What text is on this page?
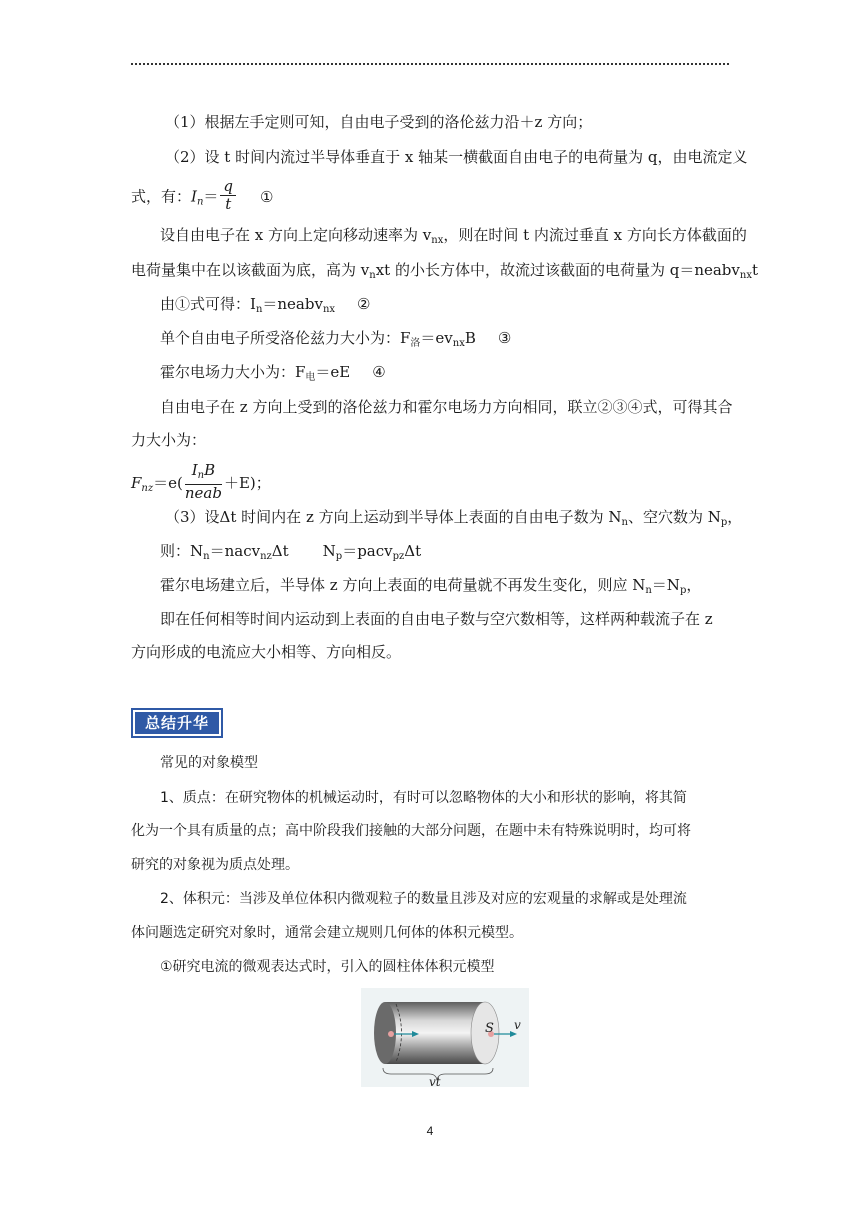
（1）根据左手定则可知，自由电子受到的洛伦兹力沿＋z 方向；
（2）设 t 时间内流过半导体垂直于 x 轴某一横截面自由电子的电荷量为 q，由电流定义
式，有：$I_n= \frac{q}{t}$ ①
设自由电子在 x 方向上定向移动速率为 $v_{nx}$，则在时间 t 内流过垂直 x 方向长方体截面的
电荷量集中在以该截面为底，高为 $v_nxt$ 的小长方体中，故流过该截面的电荷量为 q＝neabv$_{nx}$t
由①式可得：$I_n=neabv_{nx}$ ②
单个自由电子所受洛伦兹力大小为：$F_洛=ev_{nx}B$ ③
霍尔电场力大小为：$F_电=eE$ ④
自由电子在 z 方向上受到的洛伦兹力和霍尔电场力方向相同，联立②③④式，可得其合
力大小为：
$F_{nz}=e( \frac{I_nB}{\text{neab}} +E)$；
（3）设Δt 时间内在 z 方向上运动到半导体上表面的自由电子数为 $N_n$、空穴数为 $N_p$，
则：$N_n=nacv_{nz}\Delta t$ $N_p=pacv_{pz}\Delta t$
霍尔电场建立后，半导体 z 方向上表面的电荷量就不再发生变化，则应 $N_n=N_p$，
即在任何相等时间内运动到上表面的自由电子数与空穴数相等，这样两种载流子在 z
方向形成的电流应大小相等、方向相反。
总结升华
常见的对象模型
1、质点：在研究物体的机械运动时，有时可以忽略物体的大小和形状的影响，将其简
化为一个具有质量的点；高中阶段我们接触的大部分问题，在题中未有特殊说明时，均可将
研究的对象视为质点处理。
2、体积元：当涉及单位体积内微观粒子的数量且涉及对应的宏观量的求解或是处理流
体问题选定研究对象时，通常会建立规则几何体的体积元模型。
①研究电流的微观表达式时，引入的圆柱体体积元模型
S v
vt
4
